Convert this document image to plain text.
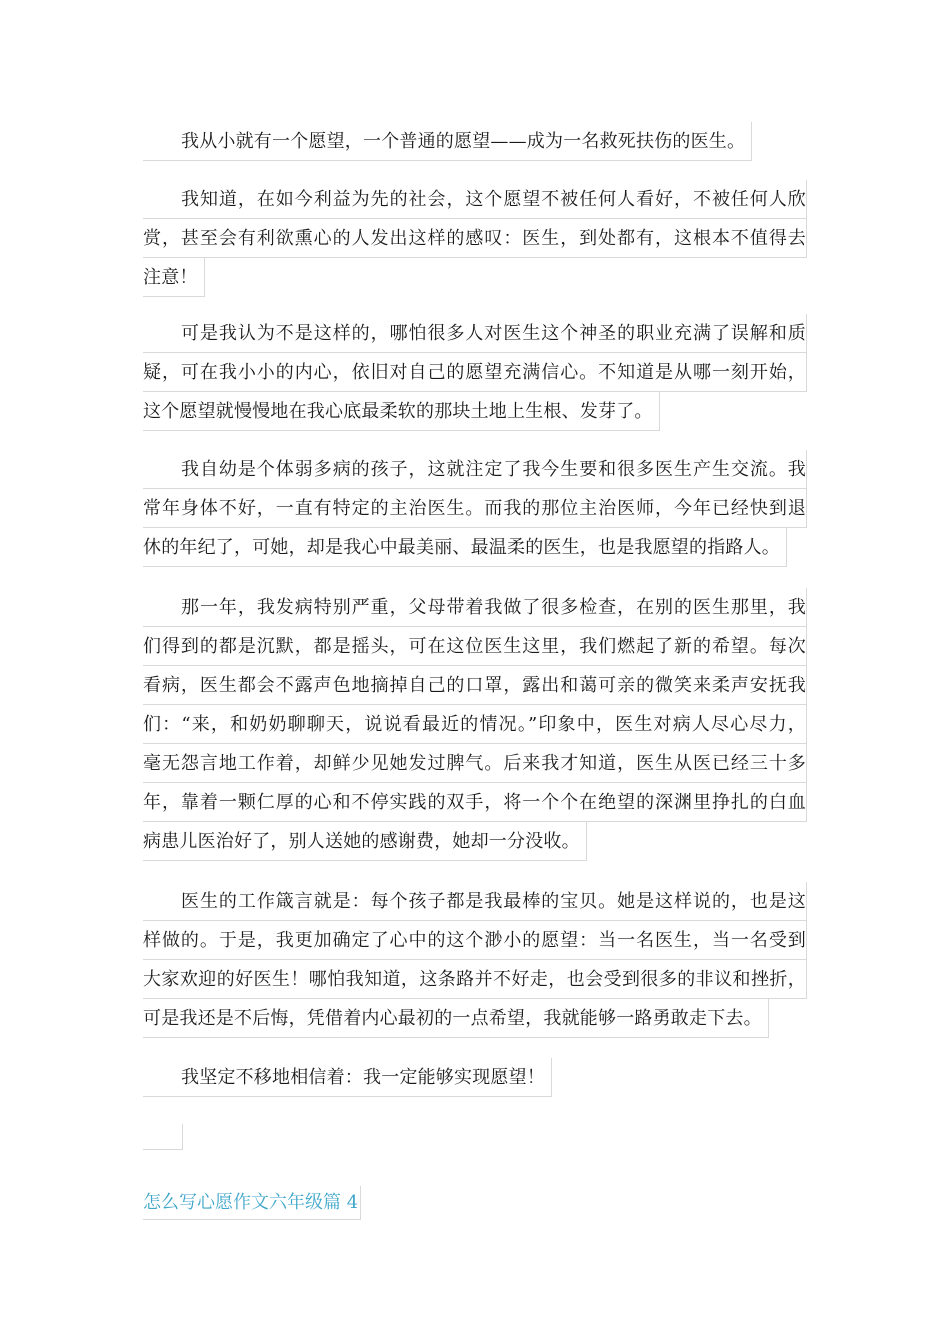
我从小就有一个愿望，一个普通的愿望——成为一名救死扶伤的医生。
我知道，在如今利益为先的社会，这个愿望不被任何人看好，不被任何人欣
赏，甚至会有利欲熏心的人发出这样的感叹：医生，到处都有，这根本不值得去
注意！
可是我认为不是这样的，哪怕很多人对医生这个神圣的职业充满了误解和质
疑，可在我小小的内心，依旧对自己的愿望充满信心。不知道是从哪一刻开始，
这个愿望就慢慢地在我心底最柔软的那块土地上生根、发芽了。
我自幼是个体弱多病的孩子，这就注定了我今生要和很多医生产生交流。我
常年身体不好，一直有特定的主治医生。而我的那位主治医师，今年已经快到退
休的年纪了，可她，却是我心中最美丽、最温柔的医生，也是我愿望的指路人。
那一年，我发病特别严重，父母带着我做了很多检查，在别的医生那里，我
们得到的都是沉默，都是摇头，可在这位医生这里，我们燃起了新的希望。每次
看病，医生都会不露声色地摘掉自己的口罩，露出和蔼可亲的微笑来柔声安抚我
们：“来，和奶奶聊聊天，说说看最近的情况。”印象中，医生对病人尽心尽力，
毫无怨言地工作着，却鲜少见她发过脾气。后来我才知道，医生从医已经三十多
年，靠着一颗仁厚的心和不停实践的双手，将一个个在绝望的深渊里挣扎的白血
病患儿医治好了，别人送她的感谢费，她却一分没收。
医生的工作箴言就是：每个孩子都是我最棒的宝贝。她是这样说的，也是这
样做的。于是，我更加确定了心中的这个渺小的愿望：当一名医生，当一名受到
大家欢迎的好医生！哪怕我知道，这条路并不好走，也会受到很多的非议和挫折，
可是我还是不后悔，凭借着内心最初的一点希望，我就能够一路勇敢走下去。
我坚定不移地相信着：我一定能够实现愿望！
怎么写心愿作文六年级篇 4
